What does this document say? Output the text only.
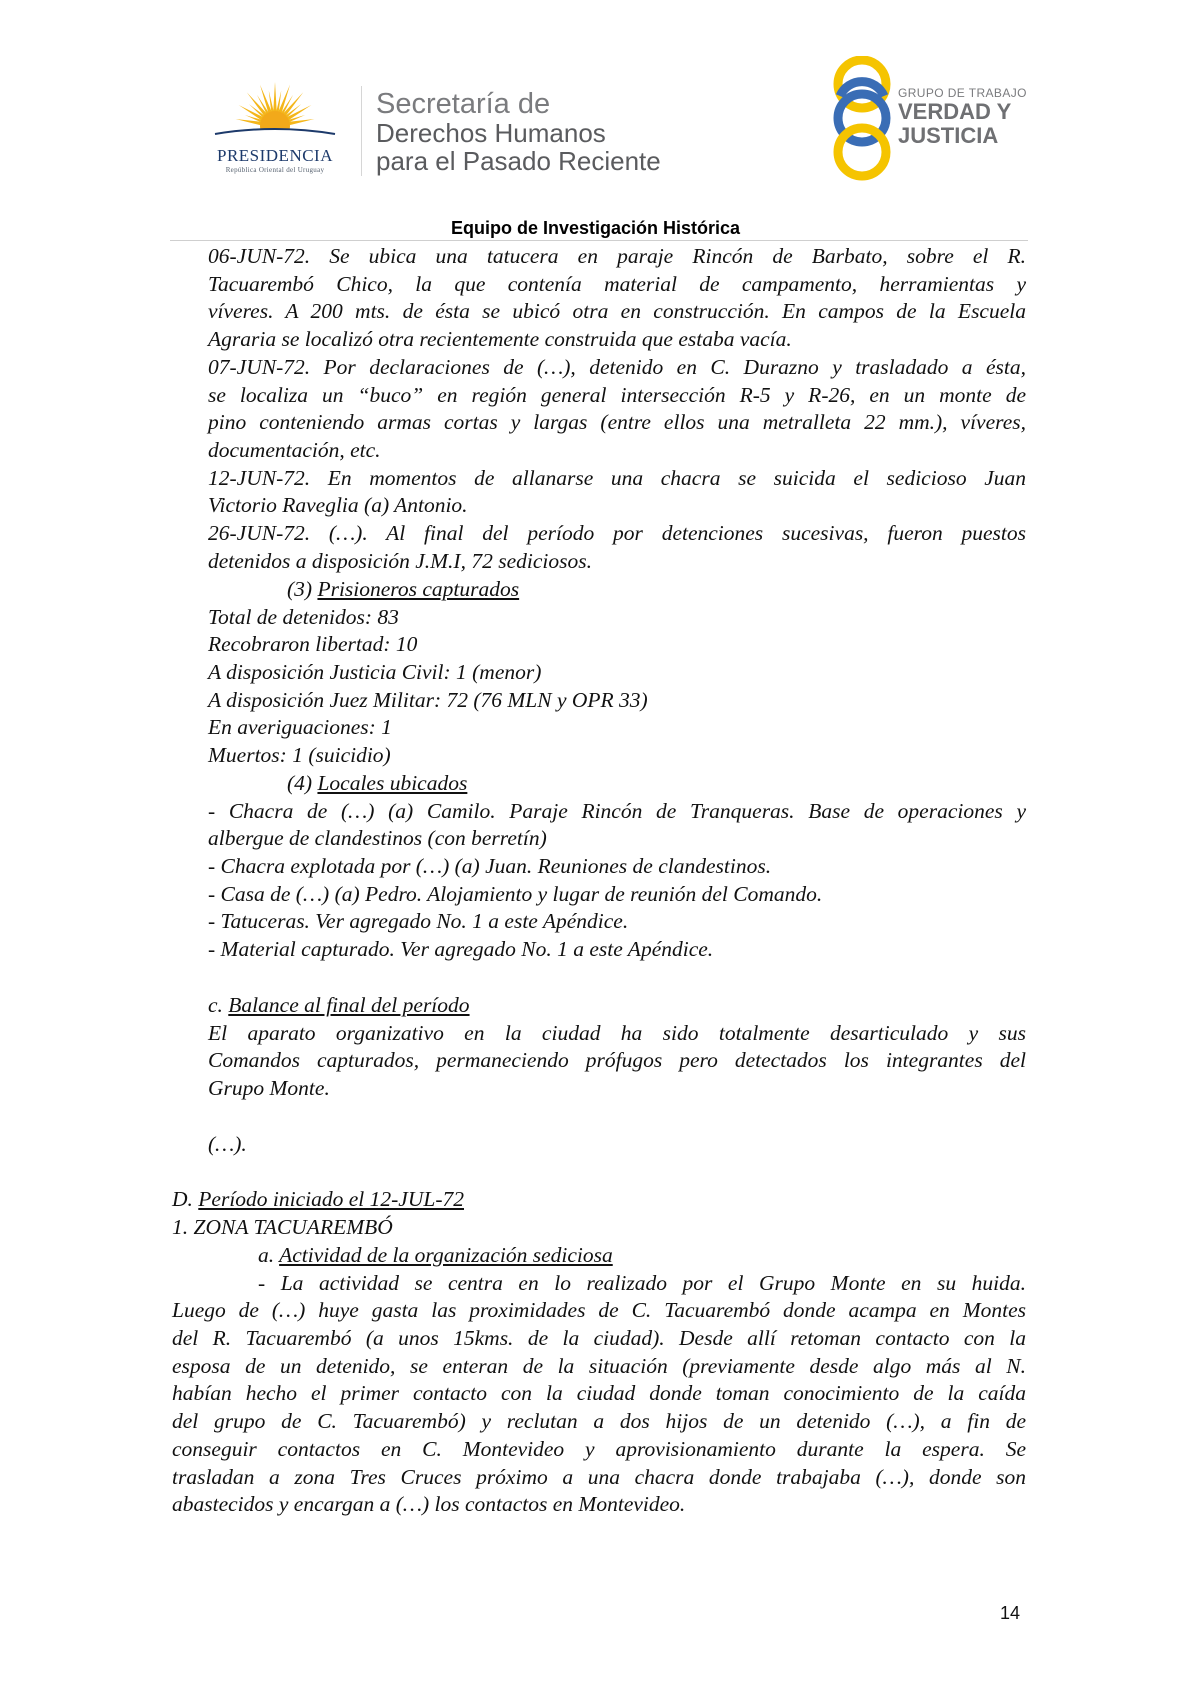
PRESIDENCIA
República Oriental del Uruguay
Secretaría de
Derechos Humanos
para el Pasado Reciente
GRUPO DE TRABAJO
VERDAD Y
JUSTICIA
Equipo de Investigación Histórica
06-JUN-72. Se ubica una tatucera en paraje Rincón de Barbato, sobre el R.
Tacuarembó Chico, la que contenía material de campamento, herramientas y
víveres. A 200 mts. de ésta se ubicó otra en construcción. En campos de la Escuela
Agraria se localizó otra recientemente construida que estaba vacía.
07-JUN-72. Por declaraciones de (…), detenido en C. Durazno y trasladado a ésta,
se localiza un “buco” en región general intersección R-5 y R-26, en un monte de
pino conteniendo armas cortas y largas (entre ellos una metralleta 22 mm.), víveres,
documentación, etc.
12-JUN-72. En momentos de allanarse una chacra se suicida el sedicioso Juan
Victorio Raveglia (a) Antonio.
26-JUN-72. (…). Al final del período por detenciones sucesivas, fueron puestos
detenidos a disposición J.M.I, 72 sediciosos.
(3) Prisioneros capturados
Total de detenidos: 83
Recobraron libertad: 10
A disposición Justicia Civil: 1 (menor)
A disposición Juez Militar: 72 (76 MLN y OPR 33)
En averiguaciones: 1
Muertos: 1 (suicidio)
(4) Locales ubicados
- Chacra de (…) (a) Camilo. Paraje Rincón de Tranqueras. Base de operaciones y
albergue de clandestinos (con berretín)
- Chacra explotada por (…) (a) Juan. Reuniones de clandestinos.
- Casa de (…) (a) Pedro. Alojamiento y lugar de reunión del Comando.
- Tatuceras. Ver agregado No. 1 a este Apéndice.
- Material capturado. Ver agregado No. 1 a este Apéndice.
c. Balance al final del período
El aparato organizativo en la ciudad ha sido totalmente desarticulado y sus
Comandos capturados, permaneciendo prófugos pero detectados los integrantes del
Grupo Monte.
(…).
D. Período iniciado el 12-JUL-72
1. ZONA TACUAREMBÓ
a. Actividad de la organización sediciosa
- La actividad se centra en lo realizado por el Grupo Monte en su huida.
Luego de (…) huye gasta las proximidades de C. Tacuarembó donde acampa en Montes
del R. Tacuarembó (a unos 15kms. de la ciudad). Desde allí retoman contacto con la
esposa de un detenido, se enteran de la situación (previamente desde algo más al N.
habían hecho el primer contacto con la ciudad donde toman conocimiento de la caída
del grupo de C. Tacuarembó) y reclutan a dos hijos de un detenido (…), a fin de
conseguir contactos en C. Montevideo y aprovisionamiento durante la espera. Se
trasladan a zona Tres Cruces próximo a una chacra donde trabajaba (…), donde son
abastecidos y encargan a (…) los contactos en Montevideo.
14
